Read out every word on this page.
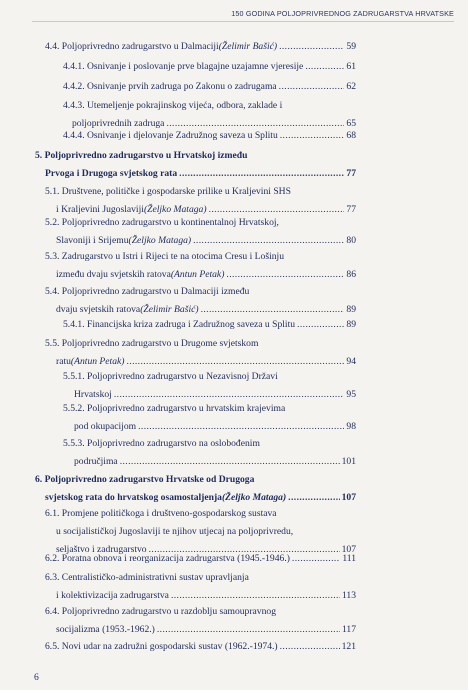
150 GODINA POLJOPRIVREDNOG ZADRUGARSTVA HRVATSKE
4.4. Poljoprivredno zadrugarstvo u Dalmaciji (Želimir Bašić) .....	59
4.4.1. Osnivanje i poslovanje prve blagajne uzajamne vjeresije .....	61
4.4.2. Osnivanje prvih zadruga po Zakonu o zadrugama .....	62
4.4.3. Utemeljenje pokrajinskog vijeća, odbora, zaklade i
poljoprivrednih zadruga .....	65
4.4.4. Osnivanje i djelovanje Zadružnog saveza u Splitu .....	68
5. Poljoprivredno zadrugarstvo u Hrvatskoj između
Prvoga i Drugoga svjetskog rata .....	77
5.1. Društvene, političke i gospodarske prilike u Kraljevini SHS
i Kraljevini Jugoslaviji (Željko Mataga) .....	77
5.2. Poljoprivredno zadrugarstvo u kontinentalnoj Hrvatskoj,
Slavoniji i Srijemu (Željko Mataga) .....	80
5.3. Zadrugarstvo u Istri i Rijeci te na otocima Cresu i Lošinju
između dvaju svjetskih ratova (Antun Petak) .....	86
5.4. Poljoprivredno zadrugarstvo u Dalmaciji između
dvaju svjetskih ratova (Želimir Bašić) .....	89
5.4.1. Financijska kriza zadruga i Zadružnog saveza u Splitu .....	89
5.5. Poljoprivredno zadrugarstvo u Drugome svjetskom
ratu (Antun Petak) .....	94
5.5.1. Poljoprivredno zadrugarstvo u Nezavisnoj Državi
Hrvatskoj .....	95
5.5.2. Poljoprivredno zadrugarstvo u hrvatskim krajevima
pod okupacijom .....	98
5.5.3. Poljoprivredno zadrugarstvo na oslobođenim
područjima .....	101
6. Poljoprivredno zadrugarstvo Hrvatske od Drugoga
svjetskog rata do hrvatskog osamostaljenja (Željko Mataga) .....	107
6.1. Promjene političkoga i društveno-gospodarskog sustava
u socijalističkoj Jugoslaviji te njihov utjecaj na poljoprivredu,
seljaštvo i zadrugarstvo .....	107
6.2. Poratna obnova i reorganizacija zadrugarstva (1945.-1946.) .....	111
6.3. Centralističko-administrativni sustav upravljanja
i kolektivizacija zadrugarstva .....	113
6.4. Poljoprivredno zadrugarstvo u razdoblju samoupravnog
socijalizma (1953.-1962.) .....	117
6.5. Novi udar na zadružni gospodarski sustav (1962.-1974.) .....	121
6
